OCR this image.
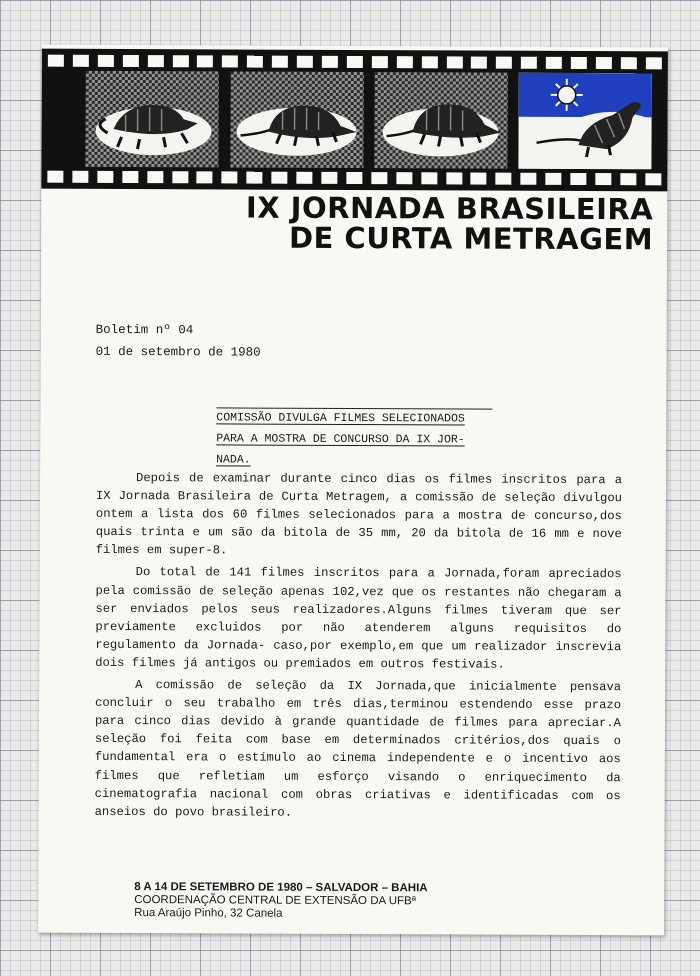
IX JORNADA BRASILEIRA
DE CURTA METRAGEM
Boletim nº 04
01 de setembro de 1980
COMISSÃO DIVULGA FILMES SELECIONADOS
PARA A MOSTRA DE CONCURSO DA IX JOR-
NADA.

Depois de examinar durante cinco dias os filmes inscritos para a IX Jornada Brasileira de Curta Metragem, a comissão de seleção divulgou ontem a lista dos 60 filmes selecionados para a mostra de concurso,dos quais trinta e um são da bitola de 35 mm, 20 da bitola de 16 mm e nove filmes em super-8.

Do total de 141 filmes inscritos para a Jornada,foram apreciados pela comissão de seleção apenas 102,vez que os restantes não chegaram a ser enviados pelos seus realizadores.Alguns filmes tiveram que ser previamente excluidos por não atenderem alguns requisitos do regulamento da Jornada- caso,por exemplo,em que um realizador inscrevia dois filmes já antigos ou premiados em outros festivais.

A comissão de seleção da IX Jornada,que inicialmente pensava concluir o seu trabalho em três dias,terminou estendendo esse prazo para cinco dias devido à grande quantidade de filmes para apreciar.A seleção foi feita com base em determinados critérios,dos quais o fundamental era o estímulo ao cinema independente e o incentivo aos filmes que refletiam um esforço visando o enriquecimento da cinematografia nacional com obras criativas e identificadas com os anseios do povo brasileiro.

8 A 14 DE SETEMBRO DE 1980 – SALVADOR – BAHIA
COORDENAÇÃO CENTRAL DE EXTENSÃO DA UFBª
Rua Araújo Pinho, 32 Canela
